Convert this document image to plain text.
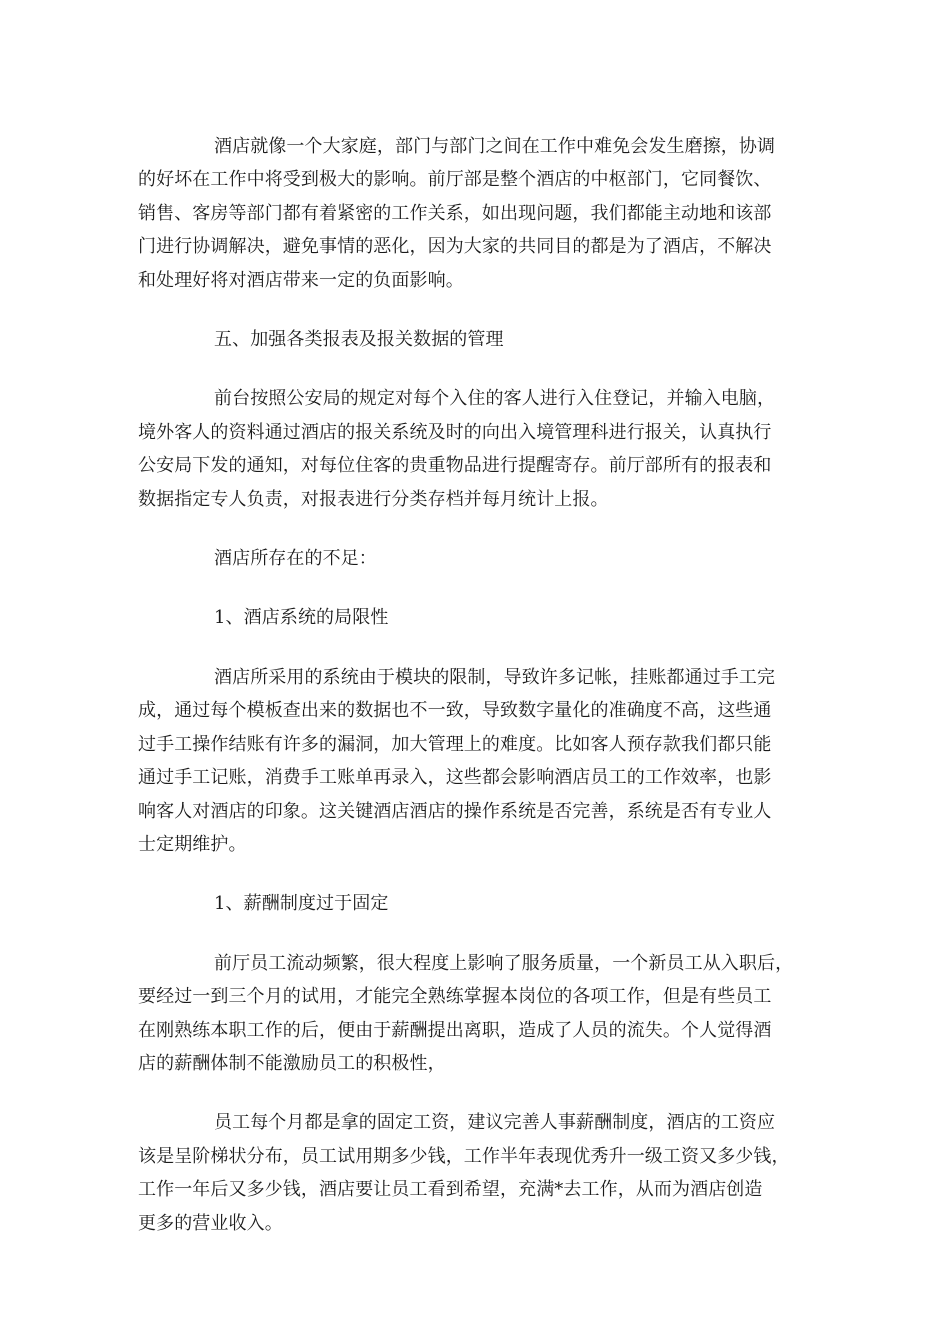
酒店就像一个大家庭，部门与部门之间在工作中难免会发生磨擦，协调
的好坏在工作中将受到极大的影响。前厅部是整个酒店的中枢部门，它同餐饮、
销售、客房等部门都有着紧密的工作关系，如出现问题，我们都能主动地和该部
门进行协调解决，避免事情的恶化，因为大家的共同目的都是为了酒店，不解决
和处理好将对酒店带来一定的负面影响。

五、加强各类报表及报关数据的管理

前台按照公安局的规定对每个入住的客人进行入住登记，并输入电脑，
境外客人的资料通过酒店的报关系统及时的向出入境管理科进行报关，认真执行
公安局下发的通知，对每位住客的贵重物品进行提醒寄存。前厅部所有的报表和
数据指定专人负责，对报表进行分类存档并每月统计上报。

酒店所存在的不足：

1、酒店系统的局限性

酒店所采用的系统由于模块的限制，导致许多记帐，挂账都通过手工完
成，通过每个模板查出来的数据也不一致，导致数字量化的准确度不高，这些通
过手工操作结账有许多的漏洞，加大管理上的难度。比如客人预存款我们都只能
通过手工记账，消费手工账单再录入，这些都会影响酒店员工的工作效率，也影
响客人对酒店的印象。这关键酒店酒店的操作系统是否完善，系统是否有专业人
士定期维护。

1、薪酬制度过于固定

前厅员工流动频繁，很大程度上影响了服务质量，一个新员工从入职后，
要经过一到三个月的试用，才能完全熟练掌握本岗位的各项工作，但是有些员工
在刚熟练本职工作的后，便由于薪酬提出离职，造成了人员的流失。个人觉得酒
店的薪酬体制不能激励员工的积极性，

员工每个月都是拿的固定工资，建议完善人事薪酬制度，酒店的工资应
该是呈阶梯状分布，员工试用期多少钱，工作半年表现优秀升一级工资又多少钱，
工作一年后又多少钱，酒店要让员工看到希望，充满*去工作，从而为酒店创造
更多的营业收入。
